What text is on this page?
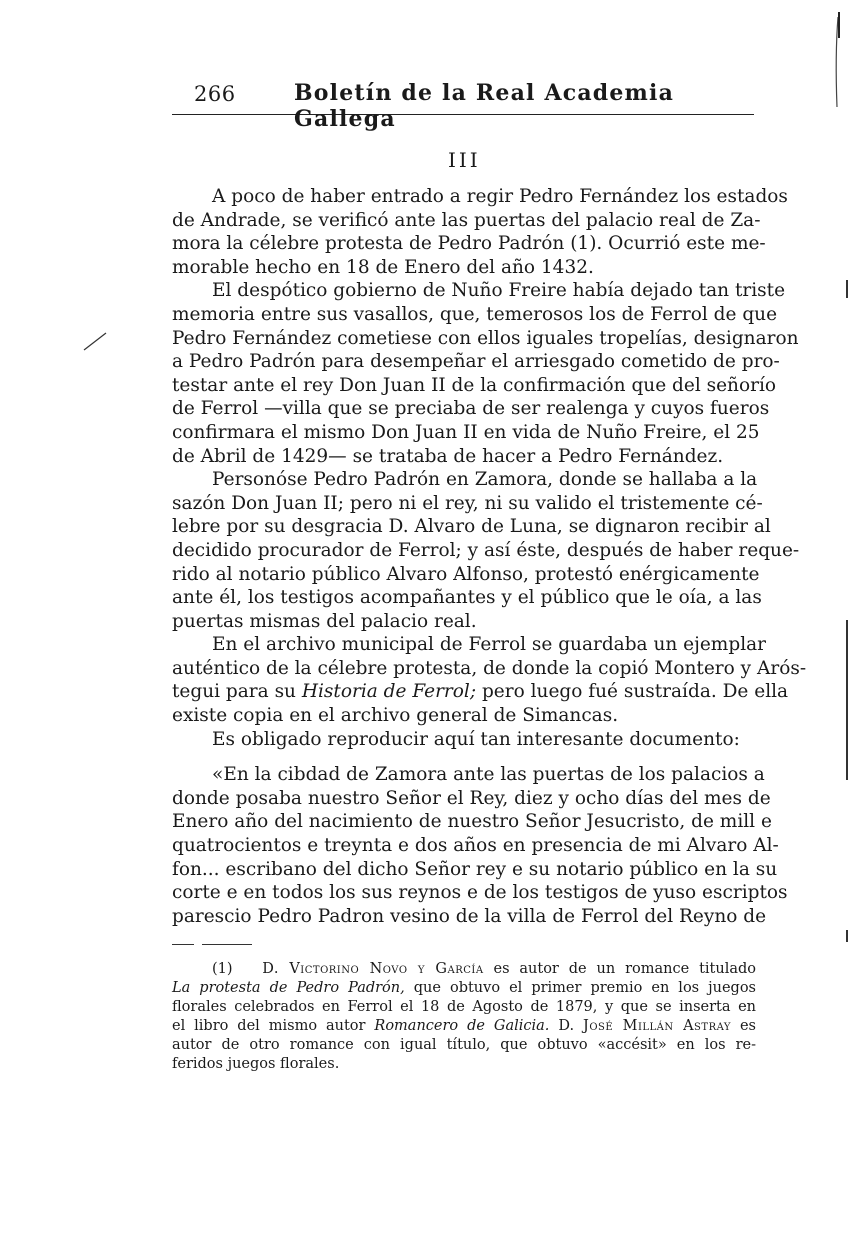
266	Boletín de la Real Academia Gallega
III
A poco de haber entrado a regir Pedro Fernández los estados
de Andrade, se verificó ante las puertas del palacio real de Za-
mora la célebre protesta de Pedro Padrón (1). Ocurrió este me-
morable hecho en 18 de Enero del año 1432.
El despótico gobierno de Nuño Freire había dejado tan triste
memoria entre sus vasallos, que, temerosos los de Ferrol de que
Pedro Fernández cometiese con ellos iguales tropelías, designaron
a Pedro Padrón para desempeñar el arriesgado cometido de pro-
testar ante el rey Don Juan II de la confirmación que del señorío
de Ferrol —villa que se preciaba de ser realenga y cuyos fueros
confirmara el mismo Don Juan II en vida de Nuño Freire, el 25
de Abril de 1429— se trataba de hacer a Pedro Fernández.
Personóse Pedro Padrón en Zamora, donde se hallaba a la
sazón Don Juan II; pero ni el rey, ni su valido el tristemente cé-
lebre por su desgracia D. Alvaro de Luna, se dignaron recibir al
decidido procurador de Ferrol; y así éste, después de haber reque-
rido al notario público Alvaro Alfonso, protestó enérgicamente
ante él, los testigos acompañantes y el público que le oía, a las
puertas mismas del palacio real.
En el archivo municipal de Ferrol se guardaba un ejemplar
auténtico de la célebre protesta, de donde la copió Montero y Arós-
tegui para su Historia de Ferrol; pero luego fué sustraída. De ella
existe copia en el archivo general de Simancas.
Es obligado reproducir aquí tan interesante documento:
«En la cibdad de Zamora ante las puertas de los palacios a
donde posaba nuestro Señor el Rey, diez y ocho días del mes de
Enero año del nacimiento de nuestro Señor Jesucristo, de mill e
quatrocientos e treynta e dos años en presencia de mi Alvaro Al-
fon... escribano del dicho Señor rey e su notario público en la su
corte e en todos los sus reynos e de los testigos de yuso escriptos
parescio Pedro Padron vesino de la villa de Ferrol del Reyno de
(1) D. Victorino Novo y García es autor de un romance titulado
La protesta de Pedro Padrón, que obtuvo el primer premio en los juegos
florales celebrados en Ferrol el 18 de Agosto de 1879, y que se inserta en
el libro del mismo autor Romancero de Galicia. D. José Millán Astray es
autor de otro romance con igual título, que obtuvo «accésit» en los re-
feridos juegos florales.
